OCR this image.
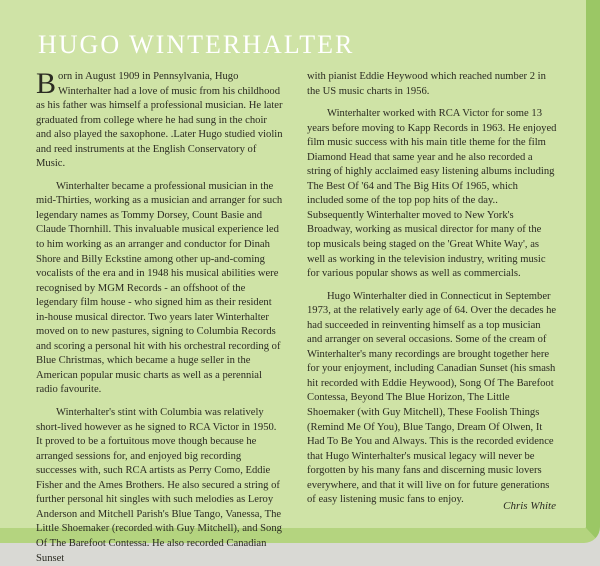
HUGO WINTERHALTER

Born in August 1909 in Pennsylvania, Hugo Winterhalter had a love of music from his childhood as his father was himself a professional musician. He later graduated from college where he had sung in the choir and also played the saxophone. .Later Hugo studied violin and reed instruments at the English Conservatory of Music.

Winterhalter became a professional musician in the mid-Thirties, working as a musician and arranger for such legendary names as Tommy Dorsey, Count Basie and Claude Thornhill. This invaluable musical experience led to him working as an arranger and conductor for Dinah Shore and Billy Eckstine among other up-and-coming vocalists of the era and in 1948 his musical abilities were recognised by MGM Records - an offshoot of the legendary film house - who signed him as their resident in-house musical director. Two years later Winterhalter moved on to new pastures, signing to Columbia Records and scoring a personal hit with his orchestral recording of Blue Christmas, which became a huge seller in the American popular music charts as well as a perennial radio favourite.

Winterhalter's stint with Columbia was relatively short-lived however as he signed to RCA Victor in 1950. It proved to be a fortuitous move though because he arranged sessions for, and enjoyed big recording successes with, such RCA artists as Perry Como, Eddie Fisher and the Ames Brothers. He also secured a string of further personal hit singles with such melodies as Leroy Anderson and Mitchell Parish's Blue Tango, Vanessa, The Little Shoemaker (recorded with Guy Mitchell), and Song Of The Barefoot Contessa. He also recorded Canadian Sunset

with pianist Eddie Heywood which reached number 2 in the US music charts in 1956.

Winterhalter worked with RCA Victor for some 13 years before moving to Kapp Records in 1963. He enjoyed film music success with his main title theme for the film Diamond Head that same year and he also recorded a string of highly acclaimed easy listening albums including The Best Of '64 and The Big Hits Of 1965, which included some of the top pop hits of the day.. Subsequently Winterhalter moved to New York's Broadway, working as musical director for many of the top musicals being staged on the 'Great White Way', as well as working in the television industry, writing music for various popular shows as well as commercials.

Hugo Winterhalter died in Connecticut in September 1973, at the relatively early age of 64. Over the decades he had succeeded in reinventing himself as a top musician and arranger on several occasions. Some of the cream of Winterhalter's many recordings are brought together here for your enjoyment, including Canadian Sunset (his smash hit recorded with Eddie Heywood), Song Of The Barefoot Contessa, Beyond The Blue Horizon, The Little Shoemaker (with Guy Mitchell), These Foolish Things (Remind Me Of You), Blue Tango, Dream Of Olwen, It Had To Be You and Always. This is the recorded evidence that Hugo Winterhalter's musical legacy will never be forgotten by his many fans and discerning music lovers everywhere, and that it will live on for future generations of easy listening music fans to enjoy.

Chris White
